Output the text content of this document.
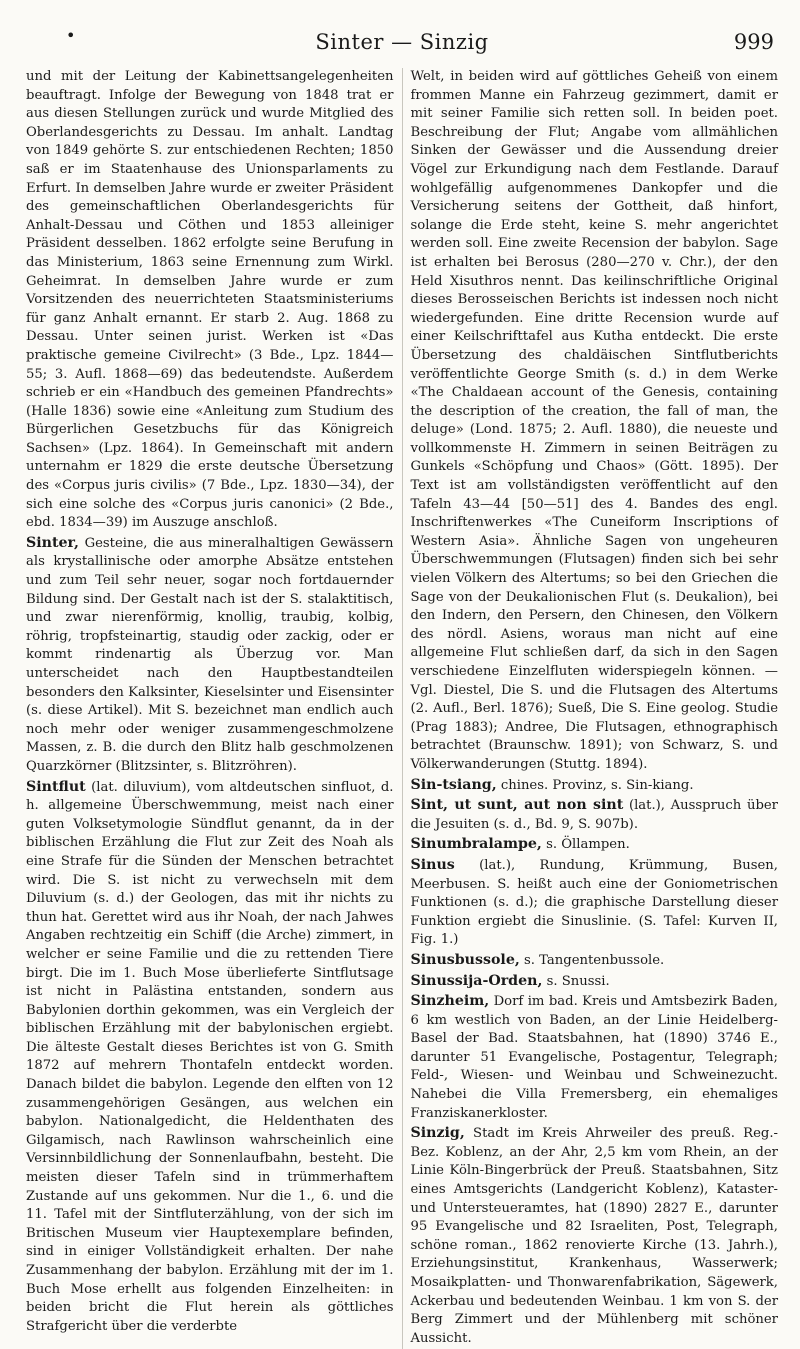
•	Sinter — Sinzig	999

und mit der Leitung der Kabinettsangelegenheiten beauftragt. Infolge der Bewegung von 1848 trat er aus diesen Stellungen zurück und wurde Mitglied des Oberlandesgerichts zu Dessau. Im anhalt. Landtag von 1849 gehörte S. zur entschiedenen Rechten; 1850 saß er im Staatenhause des Unionsparlaments zu Erfurt. In demselben Jahre wurde er zweiter Präsident des gemeinschaftlichen Oberlandesgerichts für Anhalt-Dessau und Cöthen und 1853 alleiniger Präsident desselben. 1862 erfolgte seine Berufung in das Ministerium, 1863 seine Ernennung zum Wirkl. Geheimrat. In demselben Jahre wurde er zum Vorsitzenden des neuerrichteten Staatsministeriums für ganz Anhalt ernannt. Er starb 2. Aug. 1868 zu Dessau. Unter seinen jurist. Werken ist «Das praktische gemeine Civilrecht» (3 Bde., Lpz. 1844—55; 3. Aufl. 1868—69) das bedeutendste. Außerdem schrieb er ein «Handbuch des gemeinen Pfandrechts» (Halle 1836) sowie eine «Anleitung zum Studium des Bürgerlichen Gesetzbuchs für das Königreich Sachsen» (Lpz. 1864). In Gemeinschaft mit andern unternahm er 1829 die erste deutsche Übersetzung des «Corpus juris civilis» (7 Bde., Lpz. 1830—34), der sich eine solche des «Corpus juris canonici» (2 Bde., ebd. 1834—39) im Auszuge anschloß.

Sinter, Gesteine, die aus mineralhaltigen Gewässern als krystallinische oder amorphe Absätze entstehen und zum Teil sehr neuer, sogar noch fortdauernder Bildung sind. Der Gestalt nach ist der S. stalaktitisch, und zwar nierenförmig, knollig, traubig, kolbig, röhrig, tropfsteinartig, staudig oder zackig, oder er kommt rindenartig als Überzug vor. Man unterscheidet nach den Hauptbestandteilen besonders den Kalksinter, Kieselsinter und Eisensinter (s. diese Artikel). Mit S. bezeichnet man endlich auch noch mehr oder weniger zusammengeschmolzene Massen, z. B. die durch den Blitz halb geschmolzenen Quarzkörner (Blitzsinter, s. Blitzröhren).

Sintflut (lat. diluvium), vom altdeutschen sinfluot, d. h. allgemeine Überschwemmung, meist nach einer guten Volksetymologie Sündflut genannt, da in der biblischen Erzählung die Flut zur Zeit des Noah als eine Strafe für die Sünden der Menschen betrachtet wird. Die S. ist nicht zu verwechseln mit dem Diluvium (s. d.) der Geologen, das mit ihr nichts zu thun hat. Gerettet wird aus ihr Noah, der nach Jahwes Angaben rechtzeitig ein Schiff (die Arche) zimmert, in welcher er seine Familie und die zu rettenden Tiere birgt. Die im 1. Buch Mose überlieferte Sintflutsage ist nicht in Palästina entstanden, sondern aus Babylonien dorthin gekommen, was ein Vergleich der biblischen Erzählung mit der babylonischen ergiebt. Die älteste Gestalt dieses Berichtes ist von G. Smith 1872 auf mehrern Thontafeln entdeckt worden. Danach bildet die babylon. Legende den elften von 12 zusammengehörigen Gesängen, aus welchen ein babylon. Nationalgedicht, die Heldenthaten des Gilgamisch, nach Rawlinson wahrscheinlich eine Versinnbildlichung der Sonnenlaufbahn, besteht. Die meisten dieser Tafeln sind in trümmerhaftem Zustande auf uns gekommen. Nur die 1., 6. und die 11. Tafel mit der Sintfluterzählung, von der sich im Britischen Museum vier Hauptexemplare befinden, sind in einiger Vollständigkeit erhalten. Der nahe Zusammenhang der babylon. Erzählung mit der im 1. Buch Mose erhellt aus folgenden Einzelheiten: in beiden bricht die Flut herein als göttliches Strafgericht über die verderbte

Welt, in beiden wird auf göttliches Geheiß von einem frommen Manne ein Fahrzeug gezimmert, damit er mit seiner Familie sich retten soll. In beiden poet. Beschreibung der Flut; Angabe vom allmählichen Sinken der Gewässer und die Aussendung dreier Vögel zur Erkundigung nach dem Festlande. Darauf wohlgefällig aufgenommenes Dankopfer und die Versicherung seitens der Gottheit, daß hinfort, solange die Erde steht, keine S. mehr angerichtet werden soll. Eine zweite Recension der babylon. Sage ist erhalten bei Berosus (280—270 v. Chr.), der den Held Xisuthros nennt. Das keilinschriftliche Original dieses Berosseischen Berichts ist indessen noch nicht wiedergefunden. Eine dritte Recension wurde auf einer Keilschrifttafel aus Kutha entdeckt. Die erste Übersetzung des chaldäischen Sintflutberichts veröffentlichte George Smith (s. d.) in dem Werke «The Chaldaean account of the Genesis, containing the description of the creation, the fall of man, the deluge» (Lond. 1875; 2. Aufl. 1880), die neueste und vollkommenste H. Zimmern in seinen Beiträgen zu Gunkels «Schöpfung und Chaos» (Gött. 1895). Der Text ist am vollständigsten veröffentlicht auf den Tafeln 43—44 [50—51] des 4. Bandes des engl. Inschriftenwerkes «The Cuneiform Inscriptions of Western Asia». Ähnliche Sagen von ungeheuren Überschwemmungen (Flutsagen) finden sich bei sehr vielen Völkern des Altertums; so bei den Griechen die Sage von der Deukalionischen Flut (s. Deukalion), bei den Indern, den Persern, den Chinesen, den Völkern des nördl. Asiens, woraus man nicht auf eine allgemeine Flut schließen darf, da sich in den Sagen verschiedene Einzelfluten widerspiegeln können. — Vgl. Diestel, Die S. und die Flutsagen des Altertums (2. Aufl., Berl. 1876); Sueß, Die S. Eine geolog. Studie (Prag 1883); Andree, Die Flutsagen, ethnographisch betrachtet (Braunschw. 1891); von Schwarz, S. und Völkerwanderungen (Stuttg. 1894).

Sin-tsiang, chines. Provinz, s. Sin-kiang.

Sint, ut sunt, aut non sint (lat.), Ausspruch über die Jesuiten (s. d., Bd. 9, S. 907b).

Sinumbralampe, s. Öllampen.

Sinus (lat.), Rundung, Krümmung, Busen, Meerbusen. S. heißt auch eine der Goniometrischen Funktionen (s. d.); die graphische Darstellung dieser Funktion ergiebt die Sinuslinie. (S. Tafel: Kurven II, Fig. 1.)

Sinusbussole, s. Tangentenbussole.

Sinussija-Orden, s. Snussi.

Sinzheim, Dorf im bad. Kreis und Amtsbezirk Baden, 6 km westlich von Baden, an der Linie Heidelberg-Basel der Bad. Staatsbahnen, hat (1890) 3746 E., darunter 51 Evangelische, Postagentur, Telegraph; Feld-, Wiesen- und Weinbau und Schweinezucht. Nahebei die Villa Fremersberg, ein ehemaliges Franziskanerkloster.

Sinzig, Stadt im Kreis Ahrweiler des preuß. Reg.-Bez. Koblenz, an der Ahr, 2,5 km vom Rhein, an der Linie Köln-Bingerbrück der Preuß. Staatsbahnen, Sitz eines Amtsgerichts (Landgericht Koblenz), Kataster- und Untersteueramtes, hat (1890) 2827 E., darunter 95 Evangelische und 82 Israeliten, Post, Telegraph, schöne roman., 1862 renovierte Kirche (13. Jahrh.), Erziehungsinstitut, Krankenhaus, Wasserwerk; Mosaikplatten- und Thonwarenfabrikation, Sägewerk, Ackerbau und bedeutenden Weinbau. 1 km von S. der Berg Zimmert und der Mühlenberg mit schöner Aussicht.
